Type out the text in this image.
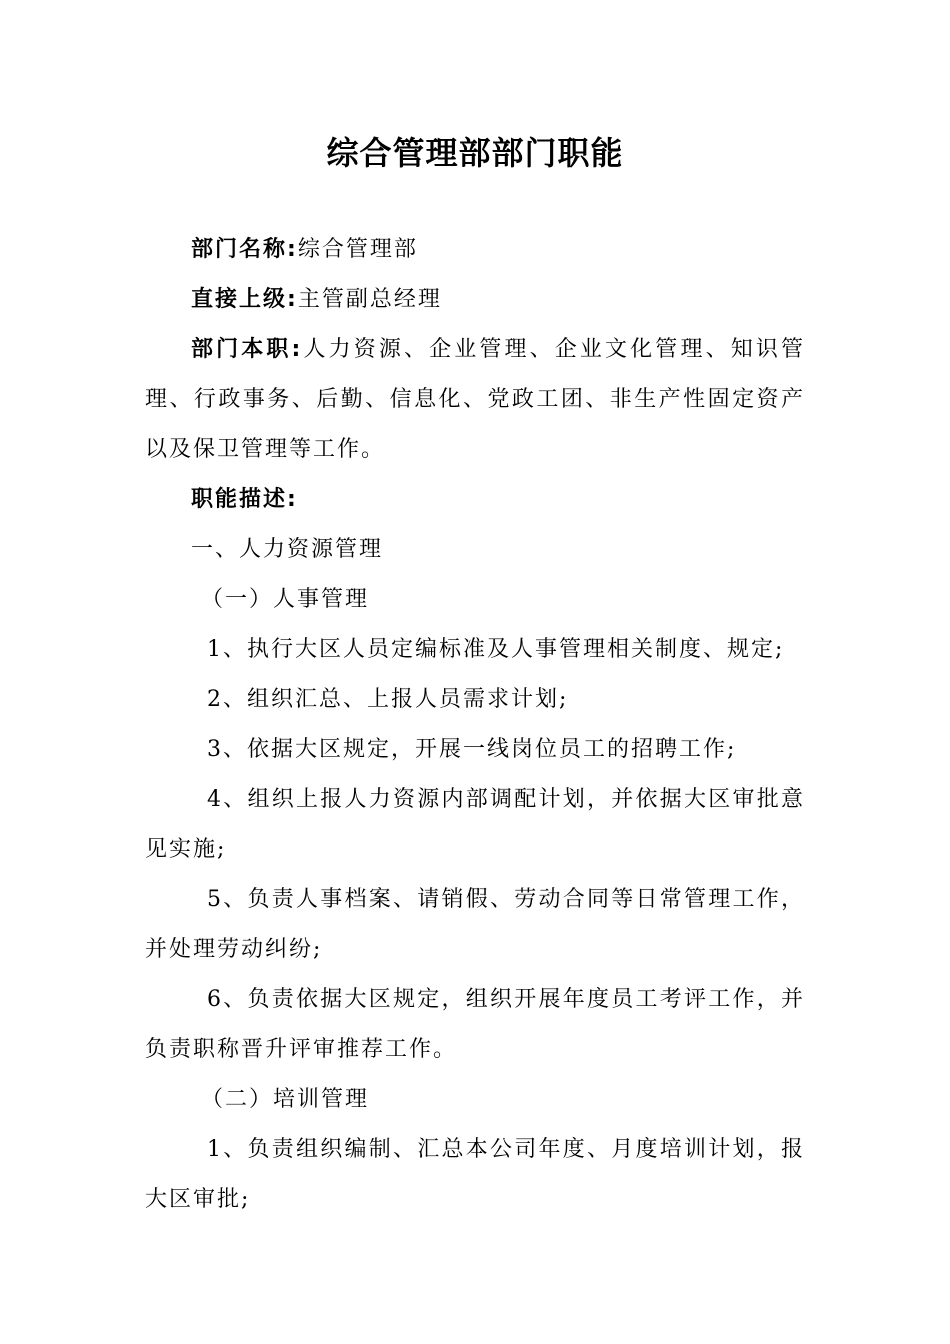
综合管理部部门职能

部门名称:综合管理部

直接上级:主管副总经理

部门本职:人力资源、企业管理、企业文化管理、知识管理、行政事务、后勤、信息化、党政工团、非生产性固定资产以及保卫管理等工作。

职能描述:

一、人力资源管理

（一）人事管理

1、执行大区人员定编标准及人事管理相关制度、规定;

2、组织汇总、上报人员需求计划;

3、依据大区规定，开展一线岗位员工的招聘工作;

4、组织上报人力资源内部调配计划，并依据大区审批意见实施;

5、负责人事档案、请销假、劳动合同等日常管理工作，并处理劳动纠纷;

6、负责依据大区规定，组织开展年度员工考评工作，并负责职称晋升评审推荐工作。

（二）培训管理

1、负责组织编制、汇总本公司年度、月度培训计划，报大区审批;
